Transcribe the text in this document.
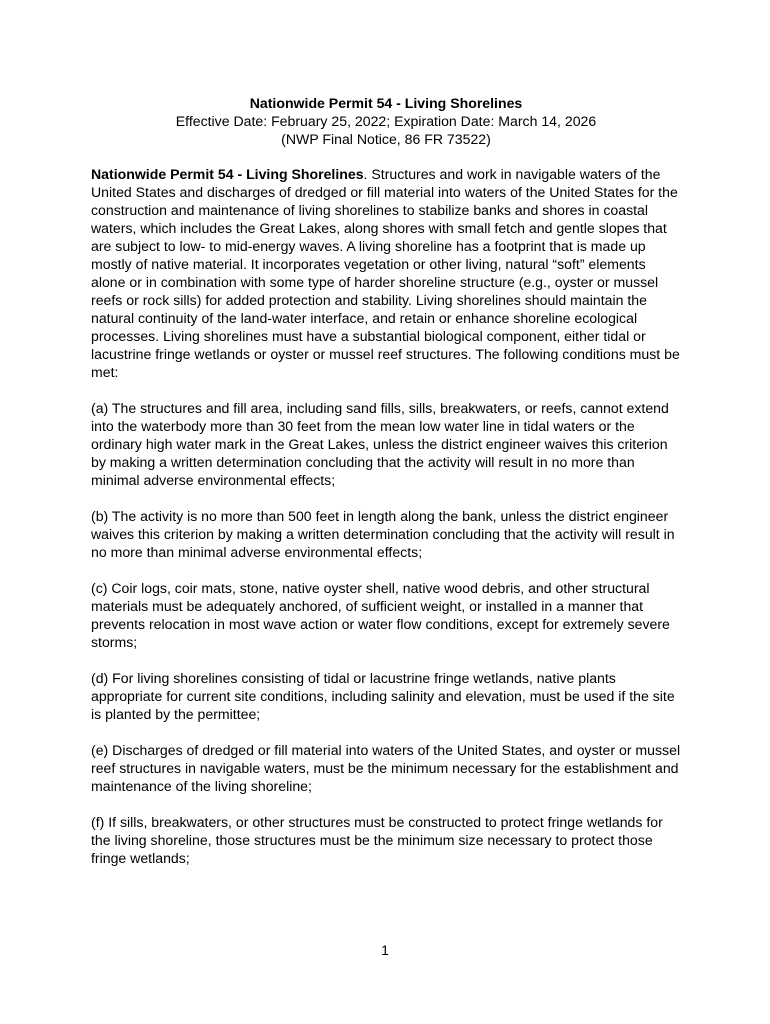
Nationwide Permit 54 - Living Shorelines
Effective Date: February 25, 2022; Expiration Date: March 14, 2026
(NWP Final Notice, 86 FR 73522)

Nationwide Permit 54 - Living Shorelines. Structures and work in navigable waters of the United States and discharges of dredged or fill material into waters of the United States for the construction and maintenance of living shorelines to stabilize banks and shores in coastal waters, which includes the Great Lakes, along shores with small fetch and gentle slopes that are subject to low- to mid-energy waves. A living shoreline has a footprint that is made up mostly of native material. It incorporates vegetation or other living, natural “soft” elements alone or in combination with some type of harder shoreline structure (e.g., oyster or mussel reefs or rock sills) for added protection and stability. Living shorelines should maintain the natural continuity of the land-water interface, and retain or enhance shoreline ecological processes. Living shorelines must have a substantial biological component, either tidal or lacustrine fringe wetlands or oyster or mussel reef structures. The following conditions must be met:

(a) The structures and fill area, including sand fills, sills, breakwaters, or reefs, cannot extend into the waterbody more than 30 feet from the mean low water line in tidal waters or the ordinary high water mark in the Great Lakes, unless the district engineer waives this criterion by making a written determination concluding that the activity will result in no more than minimal adverse environmental effects;

(b) The activity is no more than 500 feet in length along the bank, unless the district engineer waives this criterion by making a written determination concluding that the activity will result in no more than minimal adverse environmental effects;

(c) Coir logs, coir mats, stone, native oyster shell, native wood debris, and other structural materials must be adequately anchored, of sufficient weight, or installed in a manner that prevents relocation in most wave action or water flow conditions, except for extremely severe storms;

(d) For living shorelines consisting of tidal or lacustrine fringe wetlands, native plants appropriate for current site conditions, including salinity and elevation, must be used if the site is planted by the permittee;

(e) Discharges of dredged or fill material into waters of the United States, and oyster or mussel reef structures in navigable waters, must be the minimum necessary for the establishment and maintenance of the living shoreline;

(f) If sills, breakwaters, or other structures must be constructed to protect fringe wetlands for the living shoreline, those structures must be the minimum size necessary to protect those fringe wetlands;

1
